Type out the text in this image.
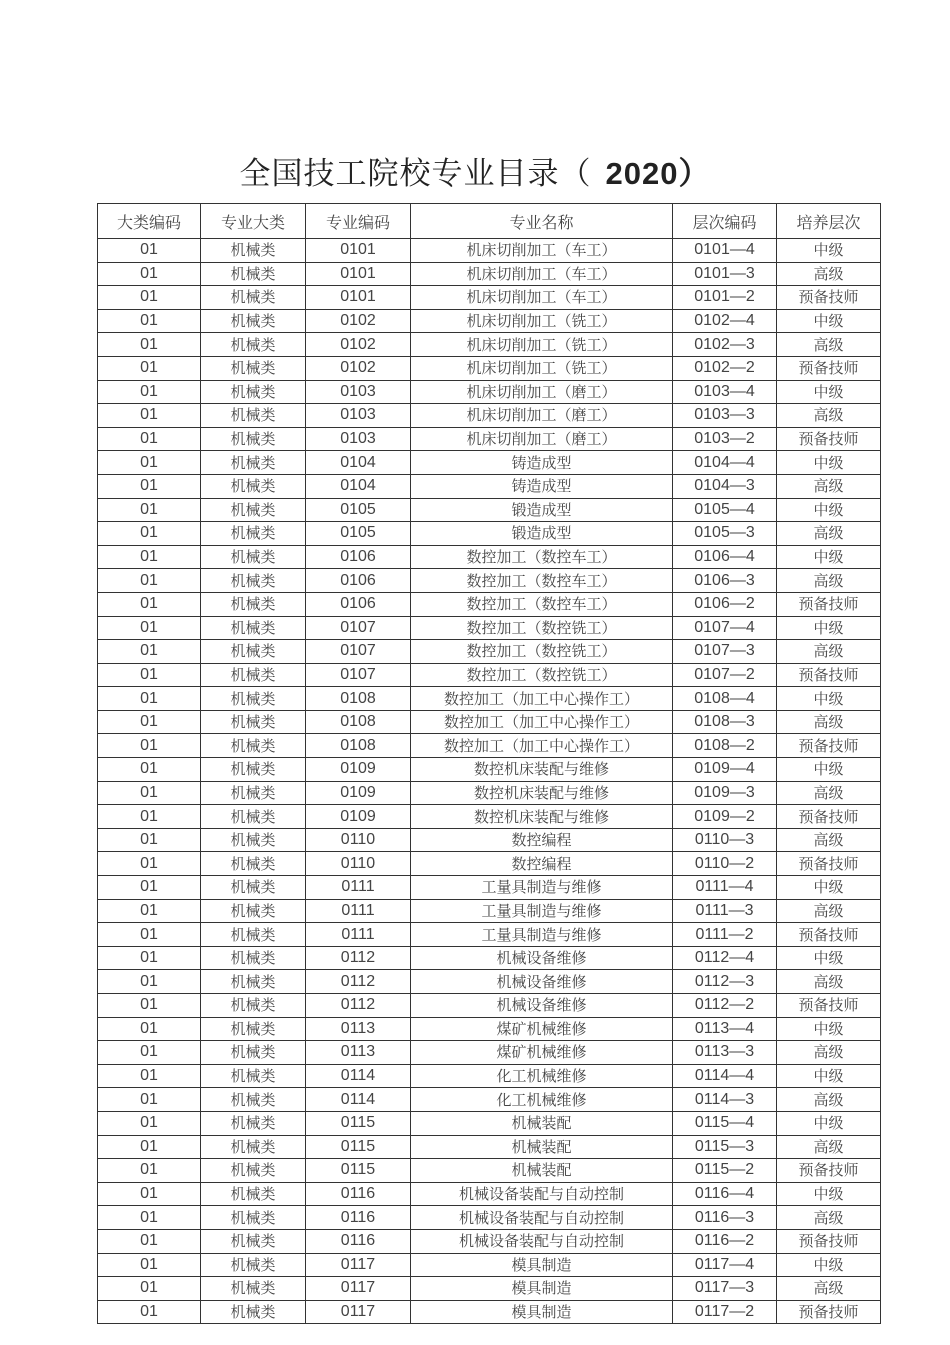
全国技工院校专业目录（ 2020）
大类编码	专业大类	专业编码	专业名称	层次编码	培养层次
01	机械类	0101	机床切削加工（车工）	0101—4	中级
01	机械类	0101	机床切削加工（车工）	0101—3	高级
01	机械类	0101	机床切削加工（车工）	0101—2	预备技师
01	机械类	0102	机床切削加工（铣工）	0102—4	中级
01	机械类	0102	机床切削加工（铣工）	0102—3	高级
01	机械类	0102	机床切削加工（铣工）	0102—2	预备技师
01	机械类	0103	机床切削加工（磨工）	0103—4	中级
01	机械类	0103	机床切削加工（磨工）	0103—3	高级
01	机械类	0103	机床切削加工（磨工）	0103—2	预备技师
01	机械类	0104	铸造成型	0104—4	中级
01	机械类	0104	铸造成型	0104—3	高级
01	机械类	0105	锻造成型	0105—4	中级
01	机械类	0105	锻造成型	0105—3	高级
01	机械类	0106	数控加工（数控车工）	0106—4	中级
01	机械类	0106	数控加工（数控车工）	0106—3	高级
01	机械类	0106	数控加工（数控车工）	0106—2	预备技师
01	机械类	0107	数控加工（数控铣工）	0107—4	中级
01	机械类	0107	数控加工（数控铣工）	0107—3	高级
01	机械类	0107	数控加工（数控铣工）	0107—2	预备技师
01	机械类	0108	数控加工（加工中心操作工）	0108—4	中级
01	机械类	0108	数控加工（加工中心操作工）	0108—3	高级
01	机械类	0108	数控加工（加工中心操作工）	0108—2	预备技师
01	机械类	0109	数控机床装配与维修	0109—4	中级
01	机械类	0109	数控机床装配与维修	0109—3	高级
01	机械类	0109	数控机床装配与维修	0109—2	预备技师
01	机械类	0110	数控编程	0110—3	高级
01	机械类	0110	数控编程	0110—2	预备技师
01	机械类	0111	工量具制造与维修	0111—4	中级
01	机械类	0111	工量具制造与维修	0111—3	高级
01	机械类	0111	工量具制造与维修	0111—2	预备技师
01	机械类	0112	机械设备维修	0112—4	中级
01	机械类	0112	机械设备维修	0112—3	高级
01	机械类	0112	机械设备维修	0112—2	预备技师
01	机械类	0113	煤矿机械维修	0113—4	中级
01	机械类	0113	煤矿机械维修	0113—3	高级
01	机械类	0114	化工机械维修	0114—4	中级
01	机械类	0114	化工机械维修	0114—3	高级
01	机械类	0115	机械装配	0115—4	中级
01	机械类	0115	机械装配	0115—3	高级
01	机械类	0115	机械装配	0115—2	预备技师
01	机械类	0116	机械设备装配与自动控制	0116—4	中级
01	机械类	0116	机械设备装配与自动控制	0116—3	高级
01	机械类	0116	机械设备装配与自动控制	0116—2	预备技师
01	机械类	0117	模具制造	0117—4	中级
01	机械类	0117	模具制造	0117—3	高级
01	机械类	0117	模具制造	0117—2	预备技师
